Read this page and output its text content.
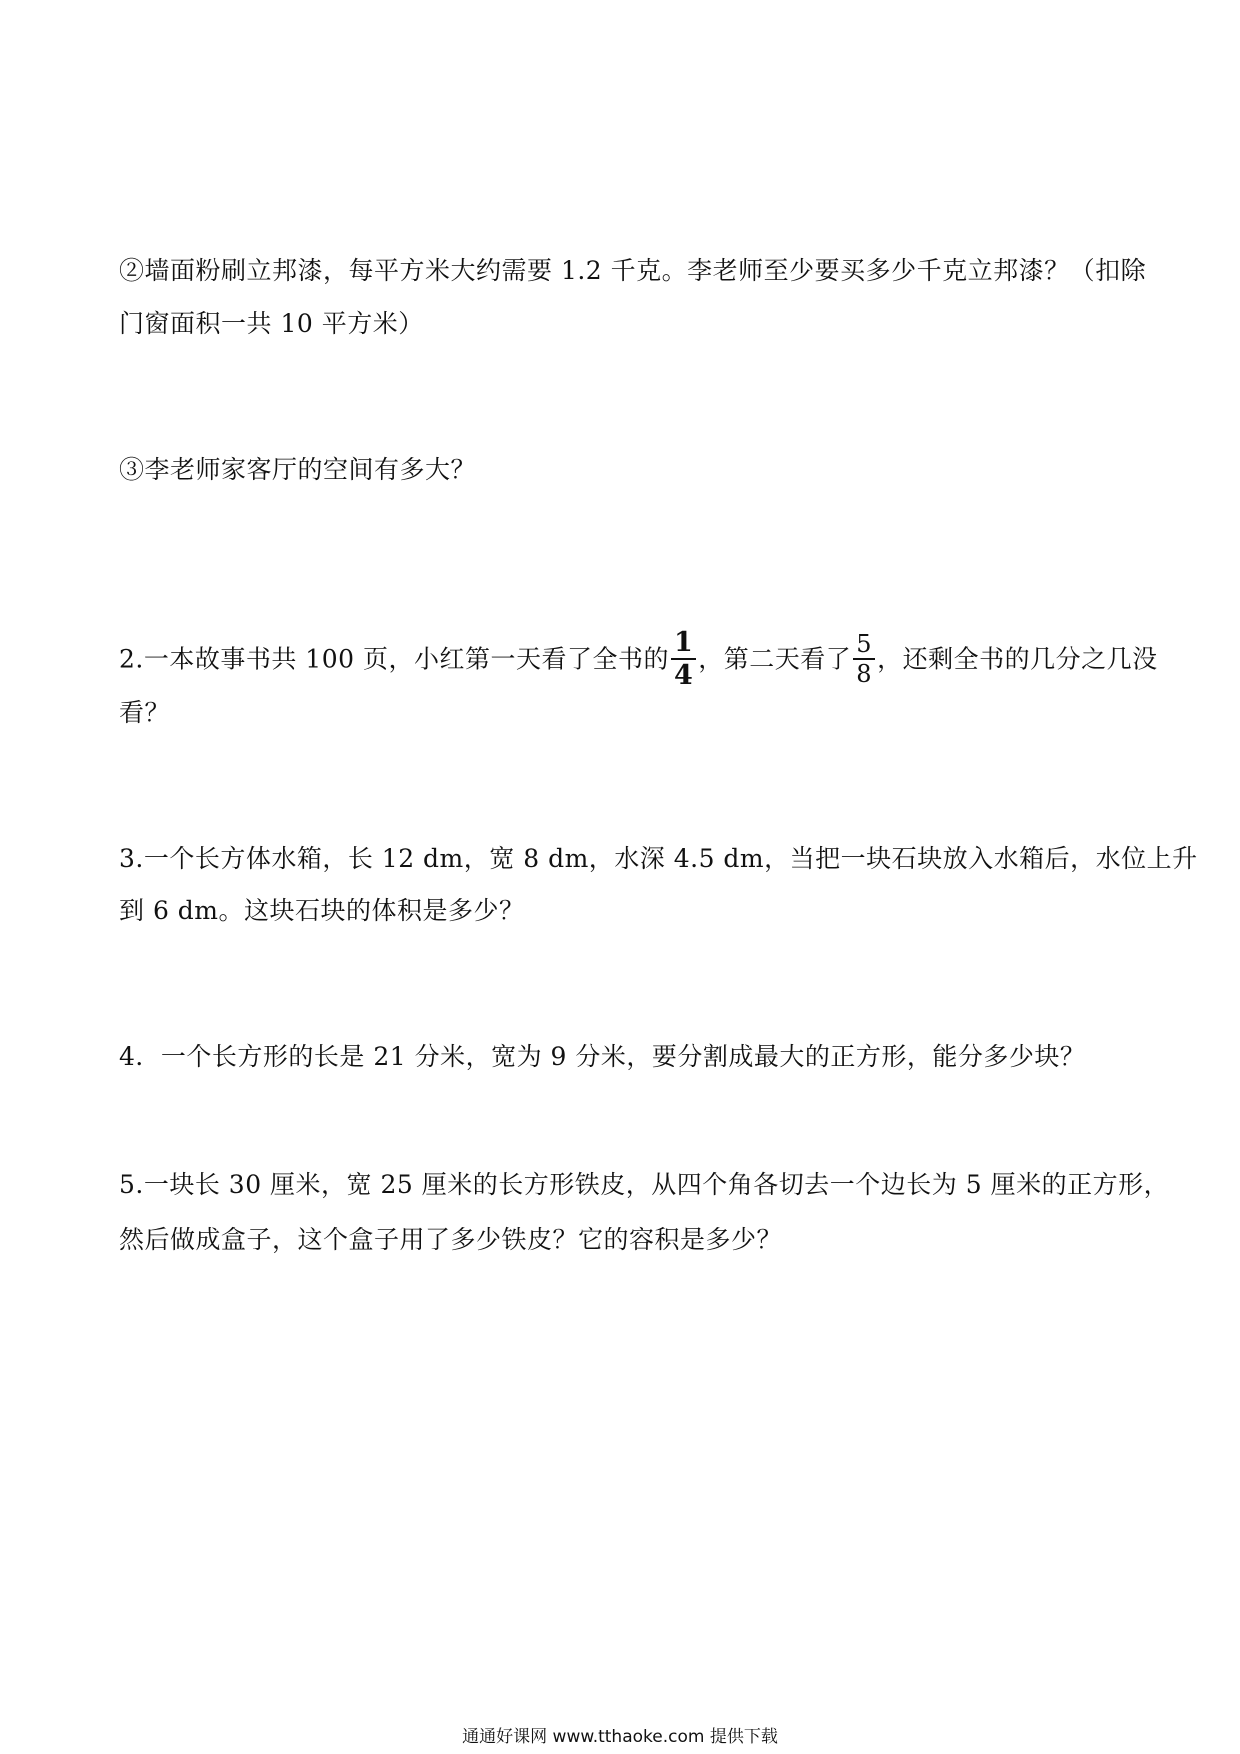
②墙面粉刷立邦漆，每平方米大约需要 1.2 千克。李老师至少要买多少千克立邦漆？（扣除
门窗面积一共 10 平方米）
③李老师家客厅的空间有多大？
2.一本故事书共 100 页，小红第一天看了全书的 $\frac{1}{4}$ ，第二天看了 $\frac{5}{8}$ ，还剩全书的几分之几没
看？
3.一个长方体水箱，长 12 dm，宽 8 dm，水深 4.5 dm，当把一块石块放入水箱后，水位上升
到 6 dm。这块石块的体积是多少？
4．一个长方形的长是 21 分米，宽为 9 分米，要分割成最大的正方形，能分多少块？
5.一块长 30 厘米，宽 25 厘米的长方形铁皮，从四个角各切去一个边长为 5 厘米的正方形，
然后做成盒子，这个盒子用了多少铁皮？它的容积是多少？
通通好课网 www.tthaoke.com 提供下载
